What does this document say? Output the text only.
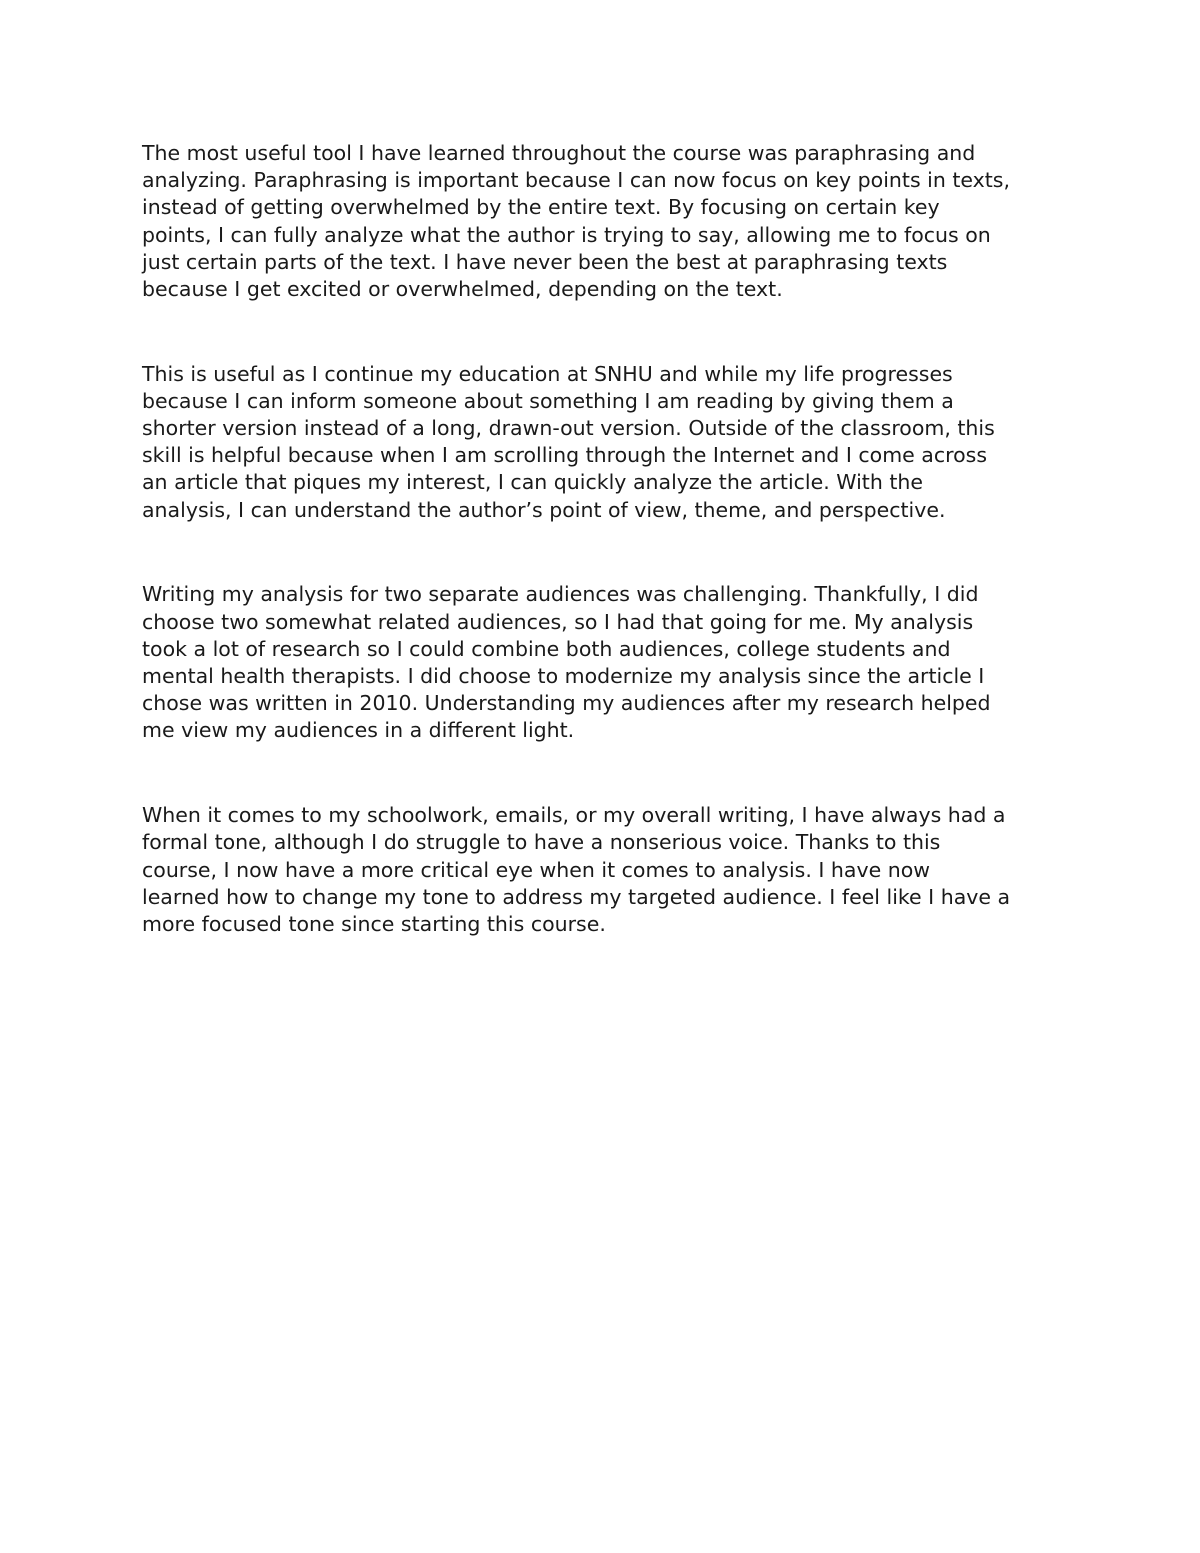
The most useful tool I have learned throughout the course was paraphrasing and
analyzing. Paraphrasing is important because I can now focus on key points in texts,
instead of getting overwhelmed by the entire text. By focusing on certain key
points, I can fully analyze what the author is trying to say, allowing me to focus on
just certain parts of the text. I have never been the best at paraphrasing texts
because I get excited or overwhelmed, depending on the text.

This is useful as I continue my education at SNHU and while my life progresses
because I can inform someone about something I am reading by giving them a
shorter version instead of a long, drawn-out version. Outside of the classroom, this
skill is helpful because when I am scrolling through the Internet and I come across
an article that piques my interest, I can quickly analyze the article. With the
analysis, I can understand the author’s point of view, theme, and perspective.

Writing my analysis for two separate audiences was challenging. Thankfully, I did
choose two somewhat related audiences, so I had that going for me. My analysis
took a lot of research so I could combine both audiences, college students and
mental health therapists. I did choose to modernize my analysis since the article I
chose was written in 2010. Understanding my audiences after my research helped
me view my audiences in a different light.

When it comes to my schoolwork, emails, or my overall writing, I have always had a
formal tone, although I do struggle to have a nonserious voice. Thanks to this
course, I now have a more critical eye when it comes to analysis. I have now
learned how to change my tone to address my targeted audience. I feel like I have a
more focused tone since starting this course.
